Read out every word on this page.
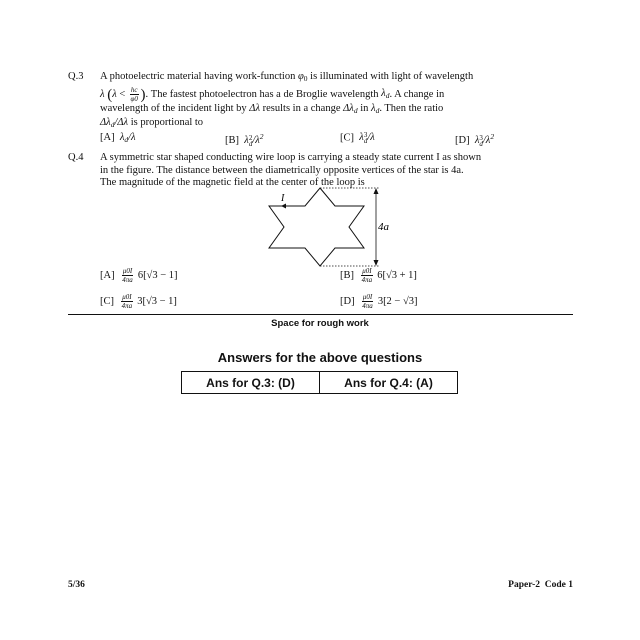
Q.3 A photoelectric material having work-function $\varphi_0$ is illuminated with light of wavelength
λ ($\lambda < \frac{hc}{\varphi 0}$ ). The fastest photoelectron has a de Broglie wavelength $\lambda_d$. A change in
wavelength of the incident light by Δλ results in a change $\Delta\lambda_d$ in $\lambda_d$. Then the ratio
$\Delta\lambda_d/\Delta\lambda$ is proportional to
[A] $\lambda_d/\lambda$	[B] λ 2
d $/\lambda^2$	[C] λ 3
d /λ	[D] λ 3
d $/\lambda^2$
Q.4 A symmetric star shaped conducting wire loop is carrying a steady state current I as shown
in the figure. The distance between the diametrically opposite vertices of the star is 4a.
The magnitude of the magnetic field at the center of the loop is
4a
I
$[A] \frac{\mu 0I}{4\pi a} 6[√3 - 1]$	$[B] \frac{\mu 0I}{4\pi a} 6[√3 + 1]$
$[C] \frac{\mu 0I}{4\pi a} 3[√3 - 1]$	$[D] \frac{\mu 0I}{4\pi a} 3[2 - √3]$
Space for rough work
Answers for the above questions
Ans for Q.3: (D)	Ans for Q.4: (A)
5/36	Paper-2  Code 1
